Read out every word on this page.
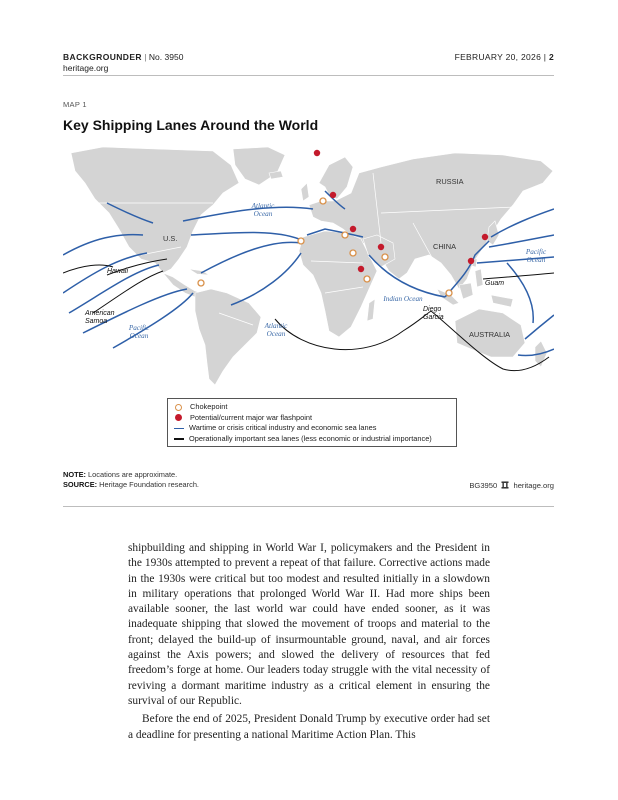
BACKGROUNDER | No. 3950
heritage.org
FEBRUARY 20, 2026 | 2
MAP 1
Key Shipping Lanes Around the World
RUSSIA
U.S.
CHINA
AUSTRALIA
Hawaii
American
Samoa
Guam
Diego
Garcia
Atlantic
Ocean
Atlantic
Ocean
Pacific
Ocean
Pacific
Ocean
Indian Ocean
Chokepoint
Potential/current major war flashpoint
Wartime or crisis critical industry and economic sea lanes
Operationally important sea lanes (less economic or industrial importance)
NOTE: Locations are approximate.
SOURCE: Heritage Foundation research.	BG3950 heritage.org

shipbuilding and shipping in World War I, policymakers and the President in the 1930s attempted to prevent a repeat of that failure. Corrective actions made in the 1930s were critical but too modest and resulted initially in a slowdown in military operations that prolonged World War II. Had more ships been available sooner, the last world war could have ended sooner, as it was inadequate shipping that slowed the movement of troops and material to the front; delayed the build-up of insurmountable ground, naval, and air forces against the Axis powers; and slowed the delivery of resources that fed freedom’s forge at home. Our leaders today struggle with the vital necessity of reviving a dormant maritime industry as a critical element in ensuring the survival of our Republic.

Before the end of 2025, President Donald Trump by executive order had set a deadline for presenting a national Maritime Action Plan. This
